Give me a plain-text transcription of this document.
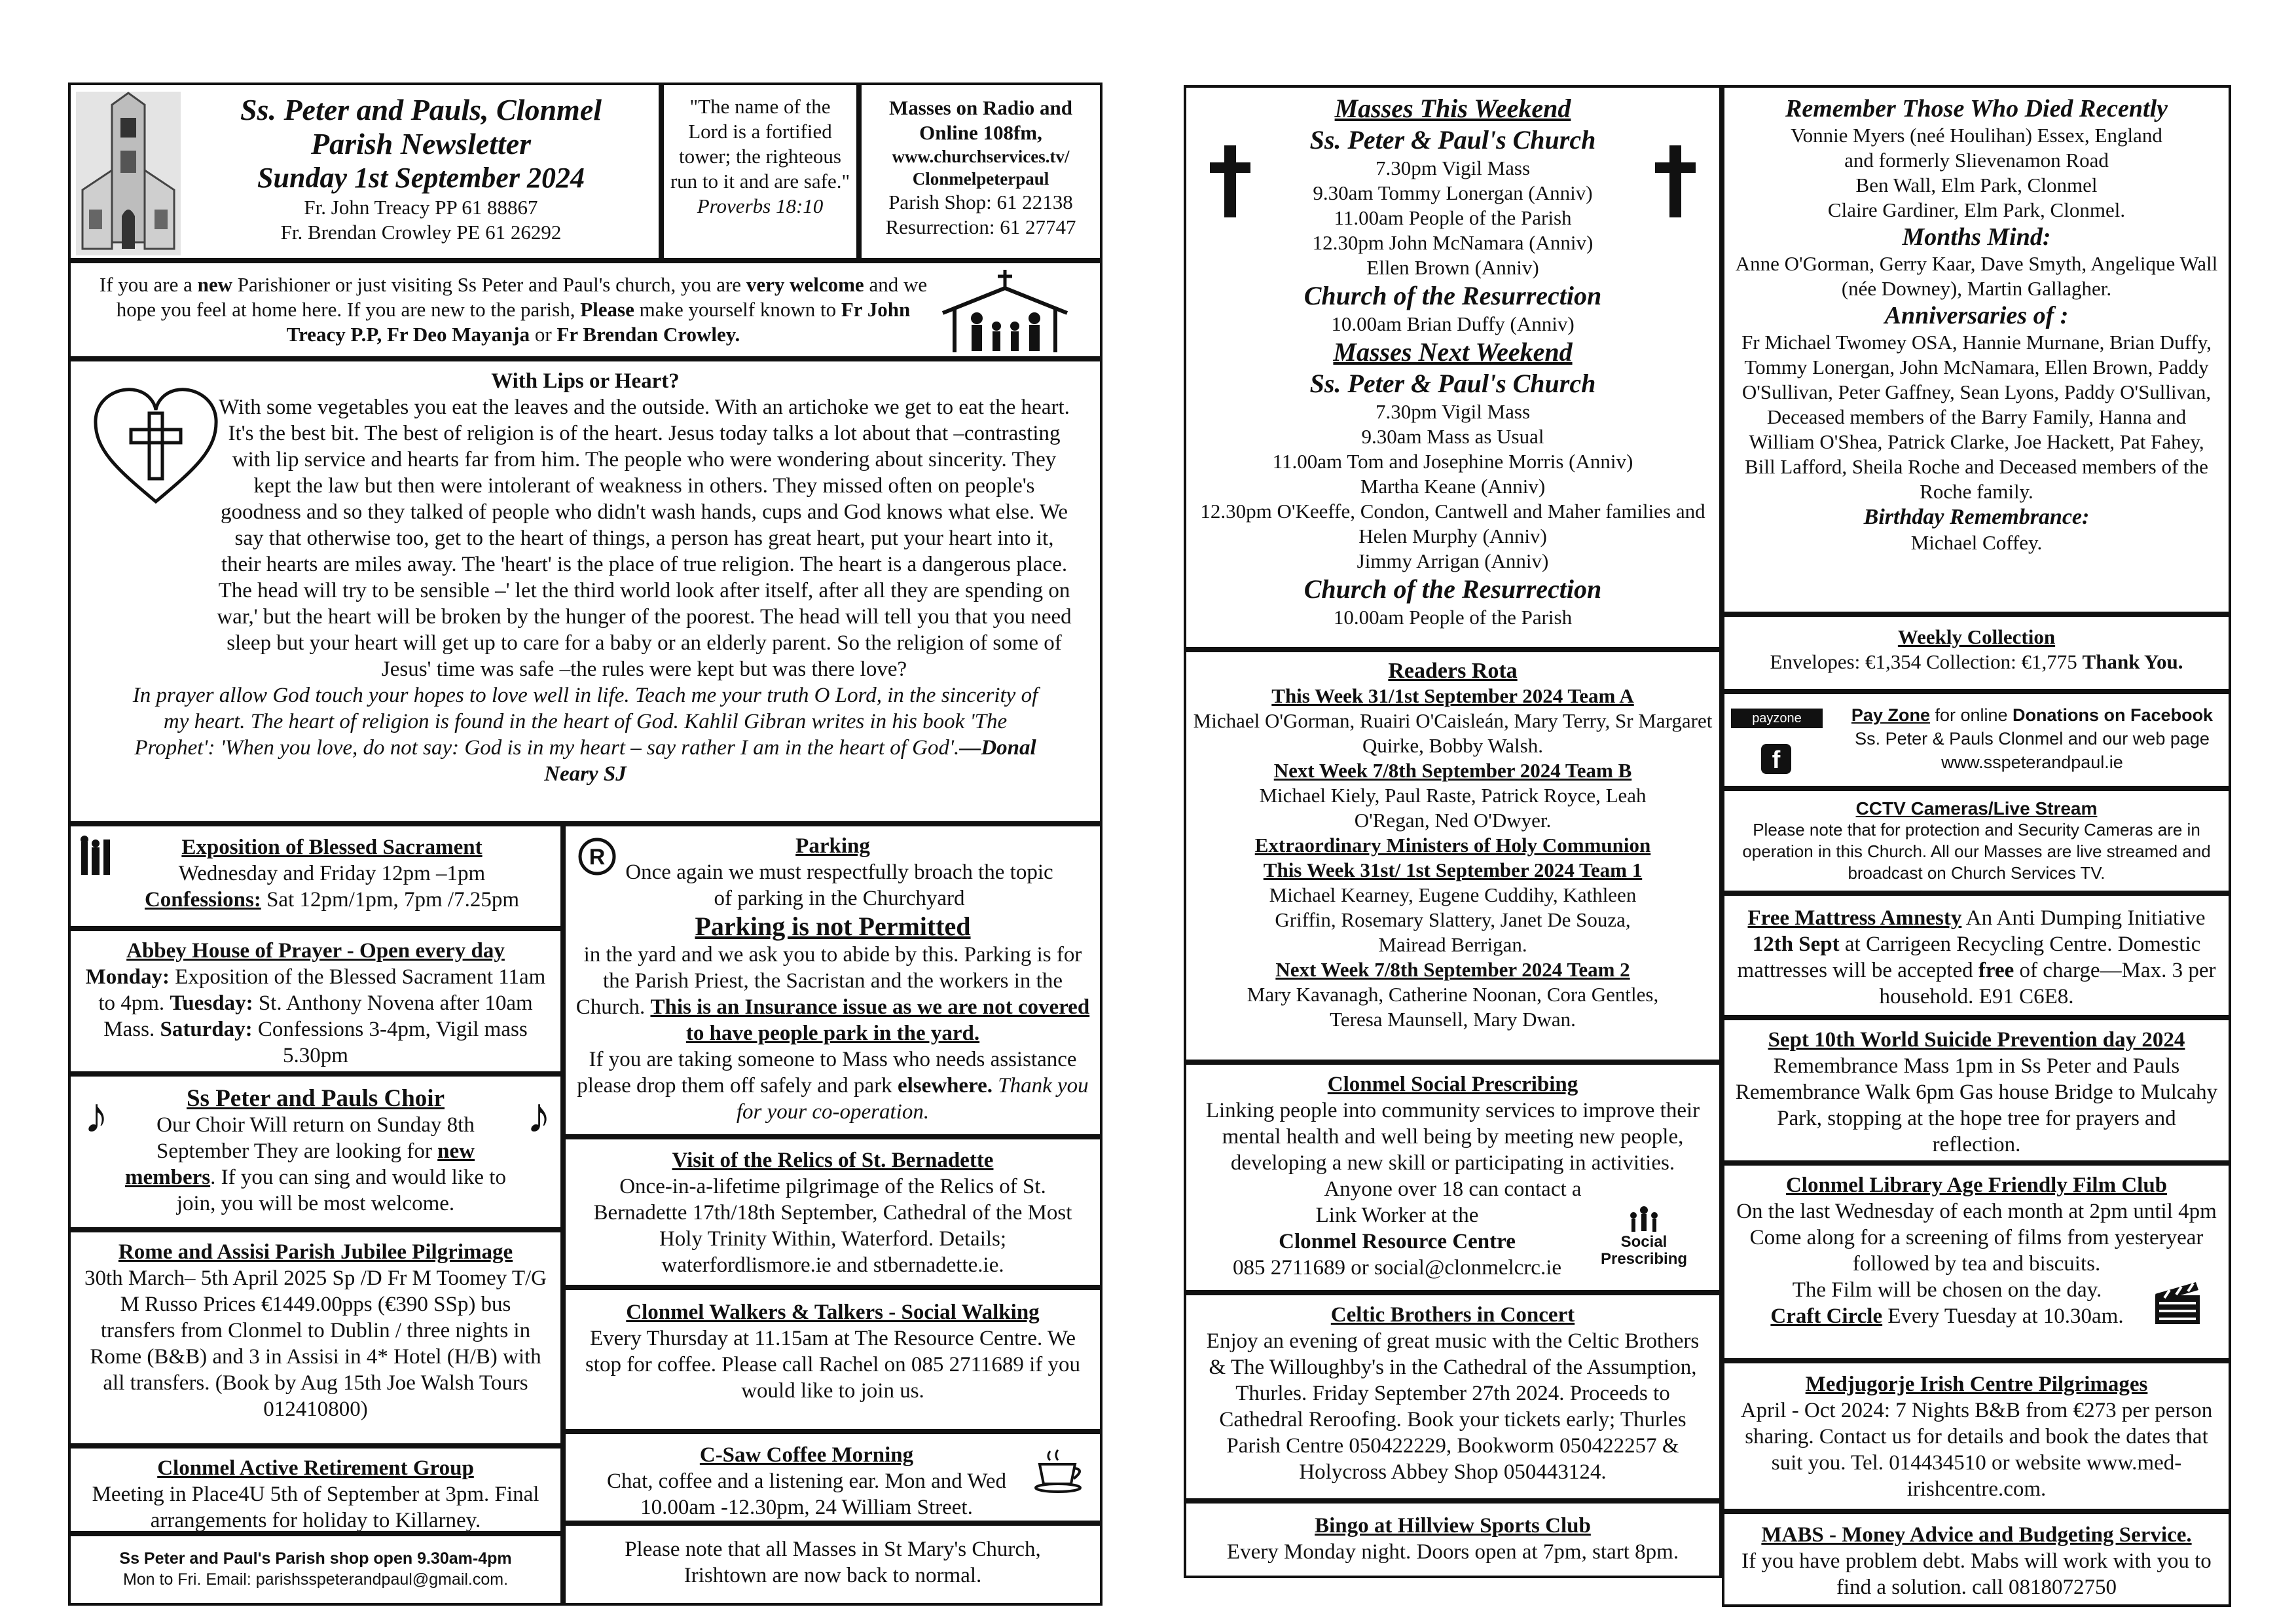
Ss. Peter and Pauls, Clonmel
Parish Newsletter
Sunday 1st September 2024
Fr. John Treacy PP 61 88867
Fr. Brendan Crowley PE 61 26292
"The name of the Lord is a fortified tower; the righteous run to it and are safe."
Proverbs 18:10
Masses on Radio and Online 108fm,
www.churchservices.tv/ Clonmelpeterpaul
Parish Shop: 61 22138
Resurrection: 61 27747
If you are a new Parishioner or just visiting Ss Peter and Paul's church, you are very welcome and we hope you feel at home here. If you are new to the parish, Please make yourself known to Fr John Treacy P.P, Fr Deo Mayanja or Fr Brendan Crowley.
With Lips or Heart?
With some vegetables you eat the leaves and the outside. With an artichoke we get to eat the heart. It's the best bit. The best of religion is of the heart. Jesus today talks a lot about that –contrasting with lip service and hearts far from him. The people who were wondering about sincerity. They kept the law but then were intolerant of weakness in others. They missed often on people's goodness and so they talked of people who didn't wash hands, cups and God knows what else. We say that otherwise too, get to the heart of things, a person has great heart, put your heart into it, their hearts are miles away. The 'heart' is the place of true religion. The heart is a dangerous place. The head will try to be sensible –' let the third world look after itself, after all they are spending on war,' but the heart will be broken by the hunger of the poorest. The head will tell you that you need sleep but your heart will get up to care for a baby or an elderly parent. So the religion of some of Jesus' time was safe –the rules were kept but was there love?
In prayer allow God touch your hopes to love well in life. Teach me your truth O Lord, in the sincerity of my heart. The heart of religion is found in the heart of God. Kahlil Gibran writes in his book 'The Prophet': 'When you love, do not say: God is in my heart – say rather I am in the heart of God'.—Donal Neary SJ
Exposition of Blessed Sacrament
Wednesday and Friday 12pm –1pm
Confessions: Sat 12pm/1pm, 7pm /7.25pm
Abbey House of Prayer - Open every day
Monday: Exposition of the Blessed Sacrament 11am to 4pm. Tuesday: St. Anthony Novena after 10am Mass. Saturday: Confessions 3-4pm, Vigil mass 5.30pm
♪	♪
Ss Peter and Pauls Choir
Our Choir Will return on Sunday 8th September They are looking for new members. If you can sing and would like to join, you will be most welcome.
Rome and Assisi Parish Jubilee Pilgrimage
30th March– 5th April 2025 Sp /D Fr M Toomey T/G M Russo Prices €1449.00pps (€390 SSp) bus transfers from Clonmel to Dublin / three nights in Rome (B&B) and 3 in Assisi in 4* Hotel (H/B) with all transfers. (Book by Aug 15th Joe Walsh Tours 012410800)
Clonmel Active Retirement Group
Meeting in Place4U 5th of September at 3pm. Final arrangements for holiday to Killarney.
Ss Peter and Paul's Parish shop open 9.30am-4pm
Mon to Fri. Email: parishsspeterandpaul@gmail.com.
R	Parking
Once again we must respectfully broach the topic of parking in the Churchyard
Parking is not Permitted
in the yard and we ask you to abide by this. Parking is for the Parish Priest, the Sacristan and the workers in the Church. This is an Insurance issue as we are not covered to have people park in the yard.
If you are taking someone to Mass who needs assistance please drop them off safely and park elsewhere. Thank you for your co-operation.
Visit of the Relics of St. Bernadette
Once-in-a-lifetime pilgrimage of the Relics of St. Bernadette 17th/18th September, Cathedral of the Most Holy Trinity Within, Waterford. Details; waterfordlismore.ie and stbernadette.ie.
Clonmel Walkers & Talkers - Social Walking
Every Thursday at 11.15am at The Resource Centre. We stop for coffee. Please call Rachel on 085 2711689 if you would like to join us.
C-Saw Coffee Morning
Chat, coffee and a listening ear. Mon and Wed 10.00am -12.30pm, 24 William Street.
Please note that all Masses in St Mary's Church, Irishtown are now back to normal.
Masses This Weekend
Ss. Peter & Paul's Church
7.30pm Vigil Mass
9.30am Tommy Lonergan (Anniv)
11.00am People of the Parish
12.30pm John McNamara (Anniv)
Ellen Brown (Anniv)
Church of the Resurrection
10.00am Brian Duffy (Anniv)
Masses Next Weekend
Ss. Peter & Paul's Church
7.30pm Vigil Mass
9.30am Mass as Usual
11.00am Tom and Josephine Morris (Anniv)
Martha Keane (Anniv)
12.30pm O'Keeffe, Condon, Cantwell and Maher families and Helen Murphy (Anniv)
Jimmy Arrigan (Anniv)
Church of the Resurrection
10.00am People of the Parish
Readers Rota
This Week 31/1st September 2024 Team A
Michael O'Gorman, Ruairi O'Caisleán, Mary Terry, Sr Margaret Quirke, Bobby Walsh.
Next Week 7/8th September 2024 Team B
Michael Kiely, Paul Raste, Patrick Royce, Leah O'Regan, Ned O'Dwyer.
Extraordinary Ministers of Holy Communion
This Week 31st/ 1st September 2024 Team 1
Michael Kearney, Eugene Cuddihy, Kathleen Griffin, Rosemary Slattery, Janet De Souza, Mairead Berrigan.
Next Week 7/8th September 2024 Team 2
Mary Kavanagh, Catherine Noonan, Cora Gentles, Teresa Maunsell, Mary Dwan.
Clonmel Social Prescribing
Linking people into community services to improve their mental health and well being by meeting new people, developing a new skill or participating in activities. Anyone over 18 can contact a
Link Worker at the
Clonmel Resource Centre
085 2711689 or social@clonmelcrc.ie
Social
Prescribing
Celtic Brothers in Concert
Enjoy an evening of great music with the Celtic Brothers & The Willoughby's in the Cathedral of the Assumption, Thurles. Friday September 27th 2024. Proceeds to Cathedral Reroofing. Book your tickets early; Thurles Parish Centre 050422229, Bookworm 050422257 & Holycross Abbey Shop 050443124.
Bingo at Hillview Sports Club
Every Monday night. Doors open at 7pm, start 8pm.
Remember Those Who Died Recently
Vonnie Myers (neé Houlihan) Essex, England
and formerly Slievenamon Road
Ben Wall, Elm Park, Clonmel
Claire Gardiner, Elm Park, Clonmel.
Months Mind:
Anne O'Gorman, Gerry Kaar, Dave Smyth, Angelique Wall (née Downey), Martin Gallagher.
Anniversaries of :
Fr Michael Twomey OSA, Hannie Murnane, Brian Duffy, Tommy Lonergan, John McNamara, Ellen Brown, Paddy O'Sullivan, Peter Gaffney, Sean Lyons, Paddy O'Sullivan, Deceased members of the Barry Family, Hanna and William O'Shea, Patrick Clarke, Joe Hackett, Pat Fahey, Bill Lafford, Sheila Roche and Deceased members of the Roche family.
Birthday Remembrance:
Michael Coffey.
Weekly Collection
Envelopes: €1,354 Collection: €1,775 Thank You.
payzone
f
Pay Zone for online Donations on Facebook Ss. Peter & Pauls Clonmel and our web page www.sspeterandpaul.ie
CCTV Cameras/Live Stream
Please note that for protection and Security Cameras are in operation in this Church. All our Masses are live streamed and broadcast on Church Services TV.
Free Mattress Amnesty An Anti Dumping Initiative 12th Sept at Carrigeen Recycling Centre. Domestic mattresses will be accepted free of charge—Max. 3 per household. E91 C6E8.
Sept 10th World Suicide Prevention day 2024
Remembrance Mass 1pm in Ss Peter and Pauls Remembrance Walk 6pm Gas house Bridge to Mulcahy Park, stopping at the hope tree for prayers and reflection.
Clonmel Library Age Friendly Film Club
On the last Wednesday of each month at 2pm until 4pm Come along for a screening of films from yesteryear followed by tea and biscuits.
The Film will be chosen on the day.
Craft Circle Every Tuesday at 10.30am.
Medjugorje Irish Centre Pilgrimages
April - Oct 2024: 7 Nights B&B from €273 per person sharing. Contact us for details and book the dates that suit you. Tel. 014434510 or website www.med-irishcentre.com.
MABS - Money Advice and Budgeting Service.
If you have problem debt. Mabs will work with you to find a solution. call 0818072750
